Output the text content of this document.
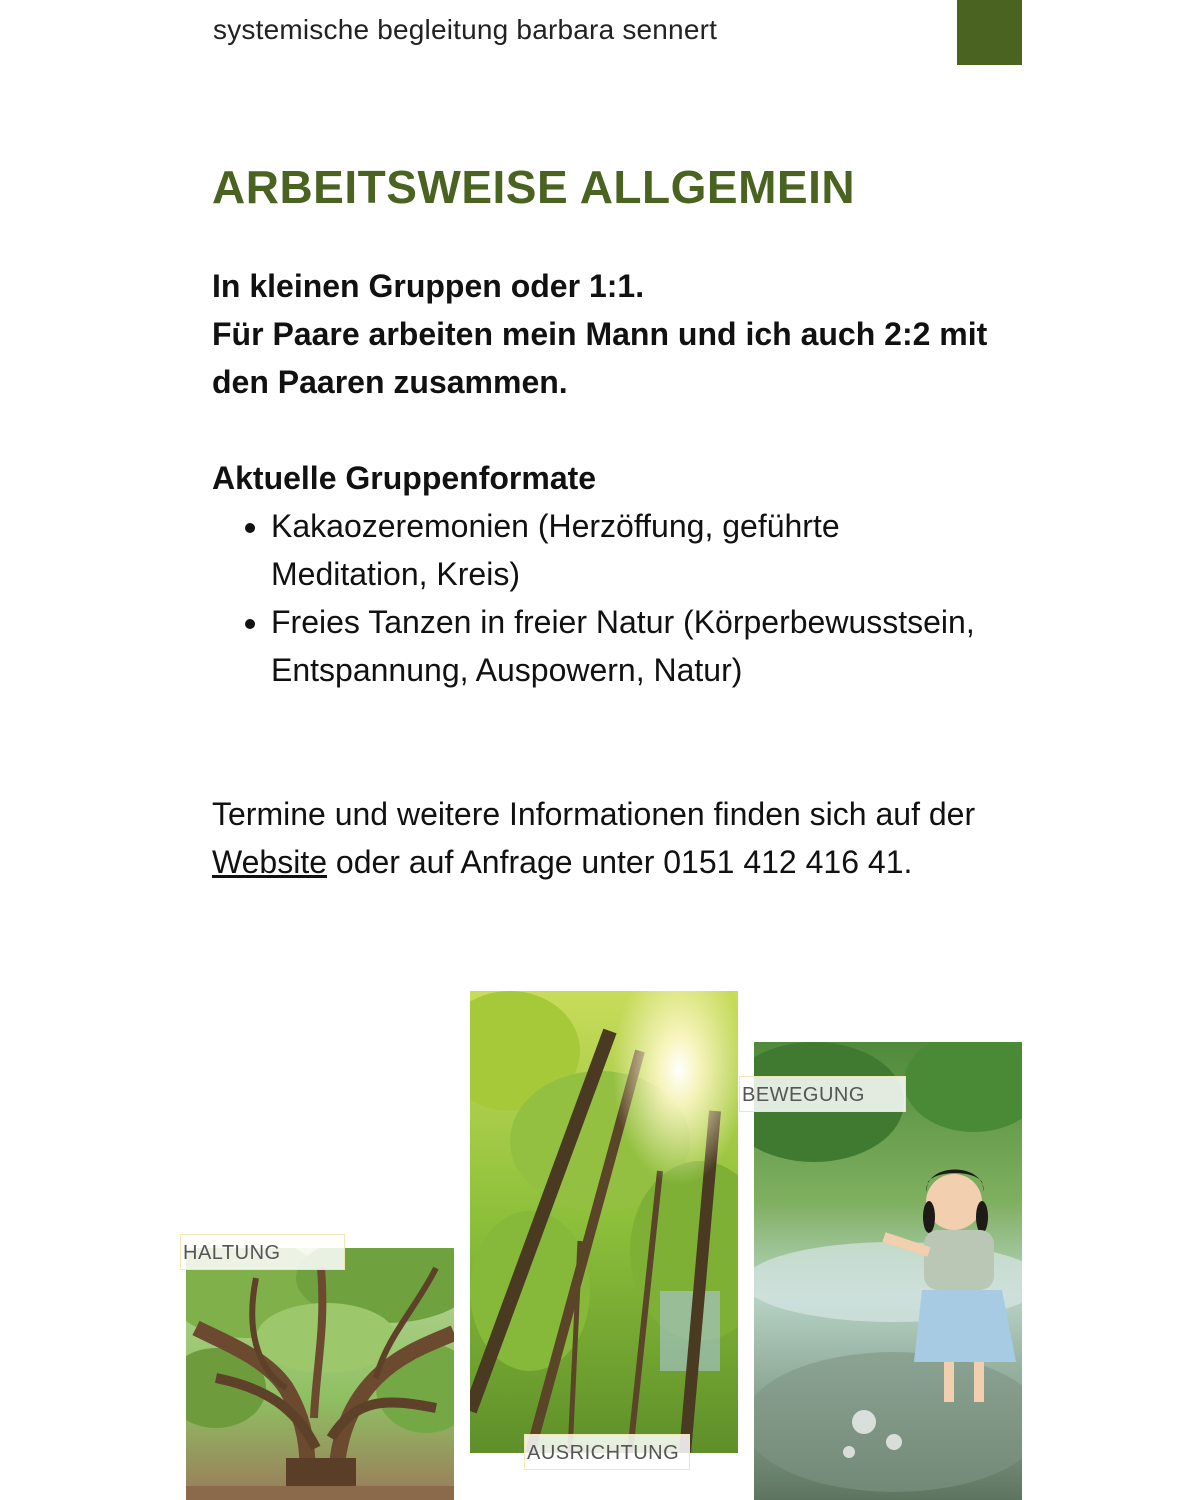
systemische begleitung barbara sennert
ARBEITSWEISE ALLGEMEIN

In kleinen Gruppen oder 1:1.
Für Paare arbeiten mein Mann und ich auch 2:2 mit den Paaren zusammen.

Aktuelle Gruppenformate
• Kakaozeremonien (Herzöffung, geführte Meditation, Kreis)
• Freies Tanzen in freier Natur (Körperbewusstsein, Entspannung, Auspowern, Natur)

Termine und weitere Informationen finden sich auf der Website oder auf Anfrage unter 0151 412 416 41.

HALTUNG
AUSRICHTUNG
BEWEGUNG
